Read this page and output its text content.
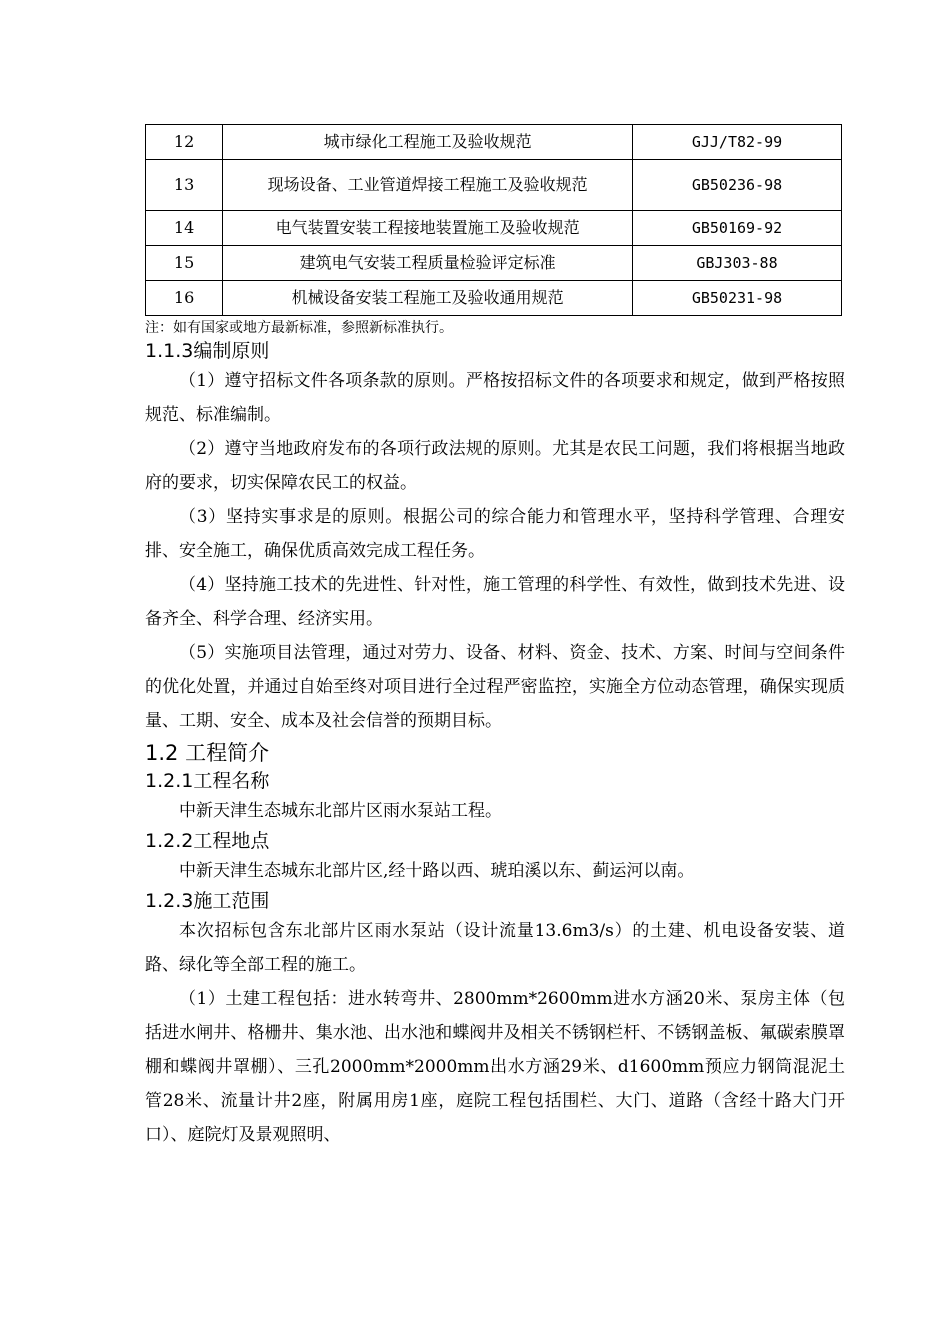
12	城市绿化工程施工及验收规范	GJJ/T82-99
13	现场设备、工业管道焊接工程施工及验收规范	GB50236-98
14	电气装置安装工程接地装置施工及验收规范	GB50169-92
15	建筑电气安装工程质量检验评定标准	GBJ303-88
16	机械设备安装工程施工及验收通用规范	GB50231-98
注：如有国家或地方最新标准，参照新标准执行。
1.1.3编制原则

（1）遵守招标文件各项条款的原则。严格按招标文件的各项要求和规定，做到严格按照规范、标准编制。

（2）遵守当地政府发布的各项行政法规的原则。尤其是农民工问题，我们将根据当地政府的要求，切实保障农民工的权益。

（3）坚持实事求是的原则。根据公司的综合能力和管理水平，坚持科学管理、合理安排、安全施工，确保优质高效完成工程任务。

（4）坚持施工技术的先进性、针对性，施工管理的科学性、有效性，做到技术先进、设备齐全、科学合理、经济实用。

（5）实施项目法管理，通过对劳力、设备、材料、资金、技术、方案、时间与空间条件的优化处置，并通过自始至终对项目进行全过程严密监控，实施全方位动态管理，确保实现质量、工期、安全、成本及社会信誉的预期目标。

1.2 工程简介
1.2.1工程名称

中新天津生态城东北部片区雨水泵站工程。

1.2.2工程地点

中新天津生态城东北部片区,经十路以西、琥珀溪以东、蓟运河以南。

1.2.3施工范围

本次招标包含东北部片区雨水泵站（设计流量13.6m3/s）的土建、机电设备安装、道路、绿化等全部工程的施工。

（1）土建工程包括：进水转弯井、2800mm*2600mm进水方涵20米、泵房主体（包括进水闸井、格栅井、集水池、出水池和蝶阀井及相关不锈钢栏杆、不锈钢盖板、氟碳索膜罩棚和蝶阀井罩棚）、三孔2000mm*2000mm出水方涵29米、d1600mm预应力钢筒混泥土管28米、流量计井2座，附属用房1座，庭院工程包括围栏、大门、道路（含经十路大门开口）、庭院灯及景观照明、
